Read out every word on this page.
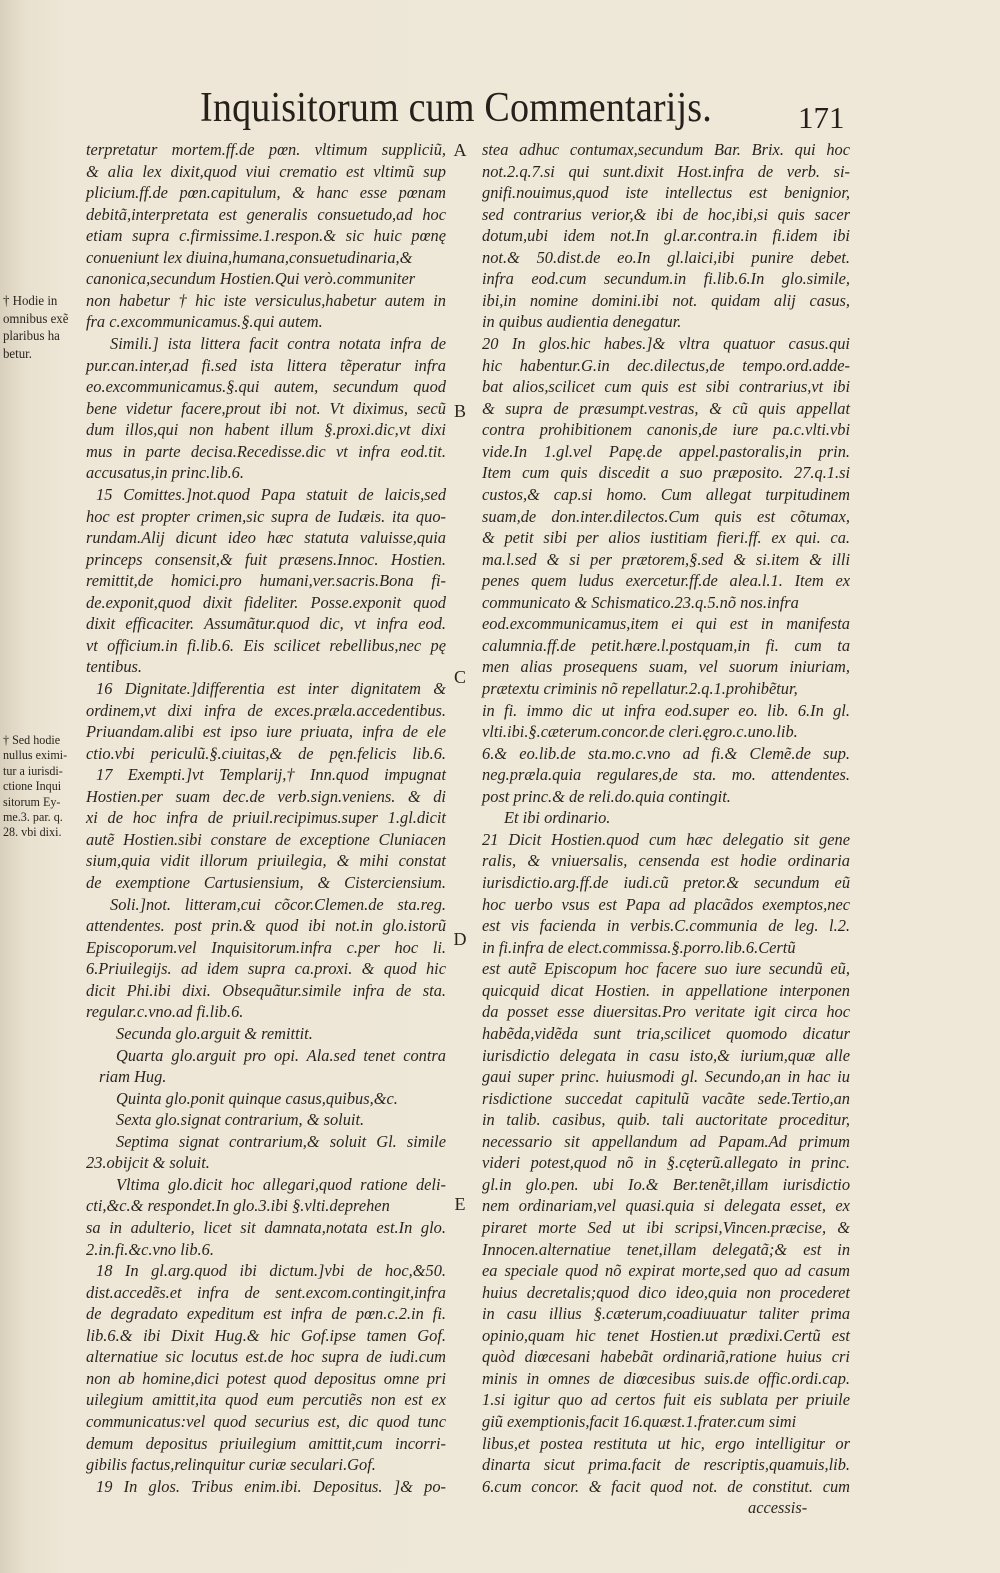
Inquisitorum cum Commentarijs.	171
† Hodie in
omnibus exẽ
plaribus ha
betur.
† Sed hodie
nullus eximi-
tur a iurisdi-
ctione Inqui
sitorum Ey-
me.3. par. q.
28. vbi dixi.
terpretatur mortem.ff.de pœn. vltimum suppliciũ,
& alia lex dixit,quod viui crematio est vltimũ sup
plicium.ff.de pœn.capitulum, & hanc esse pœnam
debitã,interpretata est generalis consuetudo,ad hoc
etiam supra c.firmissime.1.respon.& sic huic pœnę
conueniunt lex diuina,humana,consuetudinaria,&
canonica,secundum Hostien.Qui verò.communiter
non habetur † hic iste versiculus,habetur autem in
fra c.excommunicamus.§.qui autem.
Simili.] ista littera facit contra notata infra de
pur.can.inter,ad fi.sed ista littera tẽperatur infra
eo.excommunicamus.§.qui autem, secundum quod
bene videtur facere,prout ibi not. Vt diximus, secũ
dum illos,qui non habent illum §.proxi.dic,vt dixi
mus in parte decisa.Recedisse.dic vt infra eod.tit.
accusatus,in princ.lib.6.
15 Comittes.]not.quod Papa statuit de laicis,sed
hoc est propter crimen,sic supra de Iudæis. ita quo-
rundam.Alij dicunt ideo hæc statuta valuisse,quia
princeps consensit,& fuit præsens.Innoc. Hostien.
remittit,de homici.pro humani,ver.sacris.Bona fi-
de.exponit,quod dixit fideliter. Posse.exponit quod
dixit efficaciter. Assumãtur.quod dic, vt infra eod.
vt officium.in fi.lib.6. Eis scilicet rebellibus,nec pę
tentibus.
16 Dignitate.]differentia est inter dignitatem &
ordinem,vt dixi infra de exces.præla.accedentibus.
Priuandam.alibi est ipso iure priuata, infra de ele
ctio.vbi periculũ.§.ciuitas,& de pęn.felicis lib.6.
17 Exempti.]vt Templarij,† Inn.quod impugnat
Hostien.per suam dec.de verb.sign.veniens. & di
xi de hoc infra de priuil.recipimus.super 1.gl.dicit
autẽ Hostien.sibi constare de exceptione Cluniacen
sium,quia vidit illorum priuilegia, & mihi constat
de exemptione Cartusiensium, & Cisterciensium.
Soli.]not. litteram,cui cõcor.Clemen.de sta.reg.
attendentes. post prin.& quod ibi not.in glo.istorũ
Episcoporum.vel Inquisitorum.infra c.per hoc li.
6.Priuilegijs. ad idem supra ca.proxi. & quod hic
dicit Phi.ibi dixi. Obsequãtur.simile infra de sta.
regular.c.vno.ad fi.lib.6.
Secunda glo.arguit & remittit.
Quarta glo.arguit pro opi. Ala.sed tenet contra
riam Hug.
Quinta glo.ponit quinque casus,quibus,&c.
Sexta glo.signat contrarium, & soluit.
Septima signat contrarium,& soluit Gl. simile
23.obijcit & soluit.
Vltima glo.dicit hoc allegari,quod ratione deli-
cti,&c.& respondet.In glo.3.ibi §.vlti.deprehen
sa in adulterio, licet sit damnata,notata est.In glo.
2.in.fi.&c.vno lib.6.
18 In gl.arg.quod ibi dictum.]vbi de hoc,&50.
dist.accedẽs.et infra de sent.excom.contingit,infra
de degradato expeditum est infra de pœn.c.2.in fi.
lib.6.& ibi Dixit Hug.& hic Gof.ipse tamen Gof.
alternatiue sic locutus est.de hoc supra de iudi.cum
non ab homine,dici potest quod depositus omne pri
uilegium amittit,ita quod eum percutiẽs non est ex
communicatus:vel quod securius est, dic quod tunc
demum depositus priuilegium amittit,cum incorri-
gibilis factus,relinquitur curiæ seculari.Gof.
19 In glos. Tribus enim.ibi. Depositus. ]& po-
stea adhuc contumax,secundum Bar. Brix. qui hoc
not.2.q.7.si qui sunt.dixit Host.infra de verb. si-
gnifi.nouimus,quod iste intellectus est benignior,
sed contrarius verior,& ibi de hoc,ibi,si quis sacer
dotum,ubi idem not.In gl.ar.contra.in fi.idem ibi
not.& 50.dist.de eo.In gl.laici,ibi punire debet.
infra eod.cum secundum.in fi.lib.6.In glo.simile,
ibi,in nomine domini.ibi not. quidam alij casus,
in quibus audientia denegatur.
20 In glos.hic habes.]& vltra quatuor casus.qui
hic habentur.G.in dec.dilectus,de tempo.ord.adde-
bat alios,scilicet cum quis est sibi contrarius,vt ibi
& supra de præsumpt.vestras, & cũ quis appellat
contra prohibitionem canonis,de iure pa.c.vlti.vbi
vide.In 1.gl.vel Papę.de appel.pastoralis,in prin.
Item cum quis discedit a suo præposito. 27.q.1.si
custos,& cap.si homo. Cum allegat turpitudinem
suam,de don.inter.dilectos.Cum quis est cõtumax,
& petit sibi per alios iustitiam fieri.ff. ex qui. ca.
ma.l.sed & si per prætorem,§.sed & si.item & illi
penes quem ludus exercetur.ff.de alea.l.1. Item ex
communicato & Schismatico.23.q.5.nõ nos.infra
eod.excommunicamus,item ei qui est in manifesta
calumnia.ff.de petit.hære.l.postquam,in fi. cum ta
men alias prosequens suam, vel suorum iniuriam,
prætextu criminis nõ repellatur.2.q.1.prohibẽtur,
in fi. immo dic ut infra eod.super eo. lib. 6.In gl.
vlti.ibi.§.cæterum.concor.de cleri.ęgro.c.uno.lib.
6.& eo.lib.de sta.mo.c.vno ad fi.& Clemẽ.de sup.
neg.præla.quia regulares,de sta. mo. attendentes.
post princ.& de reli.do.quia contingit.
Et ibi ordinario.
21 Dicit Hostien.quod cum hæc delegatio sit gene
ralis, & vniuersalis, censenda est hodie ordinaria
iurisdictio.arg.ff.de iudi.cũ pretor.& secundum eũ
hoc uerbo vsus est Papa ad placãdos exemptos,nec
est vis facienda in verbis.C.communia de leg. l.2.
in fi.infra de elect.commissa.§.porro.lib.6.Certũ
est autẽ Episcopum hoc facere suo iure secundũ eũ,
quicquid dicat Hostien. in appellatione interponen
da posset esse diuersitas.Pro veritate igit circa hoc
habẽda,vidẽda sunt tria,scilicet quomodo dicatur
iurisdictio delegata in casu isto,& iurium,quæ alle
gaui super princ. huiusmodi gl. Secundo,an in hac iu
risdictione succedat capitulũ vacãte sede.Tertio,an
in talib. casibus, quib. tali auctoritate proceditur,
necessario sit appellandum ad Papam.Ad primum
videri potest,quod nõ in §.cęterũ.allegato in princ.
gl.in glo.pen. ubi Io.& Ber.tenẽt,illam iurisdictio
nem ordinariam,vel quasi.quia si delegata esset, ex
piraret morte Sed ut ibi scripsi,Vincen.præcise, &
Innocen.alternatiue tenet,illam delegatã;& est in
ea speciale quod nõ expirat morte,sed quo ad casum
huius decretalis;quod dico ideo,quia non procederet
in casu illius §.cæterum,coadiuuatur taliter prima
opinio,quam hic tenet Hostien.ut prædixi.Certũ est
quòd diœcesani habebãt ordinariã,ratione huius cri
minis in omnes de diœcesibus suis.de offic.ordi.cap.
1.si igitur quo ad certos fuit eis sublata per priuile
giũ exemptionis,facit 16.quæst.1.frater.cum simi
libus,et postea restituta ut hic, ergo intelligitur or
dinarta sicut prima.facit de rescriptis,quamuis,lib.
6.cum concor. & facit quod not. de constitut. cum
accessis-
A
B
C
D
E
